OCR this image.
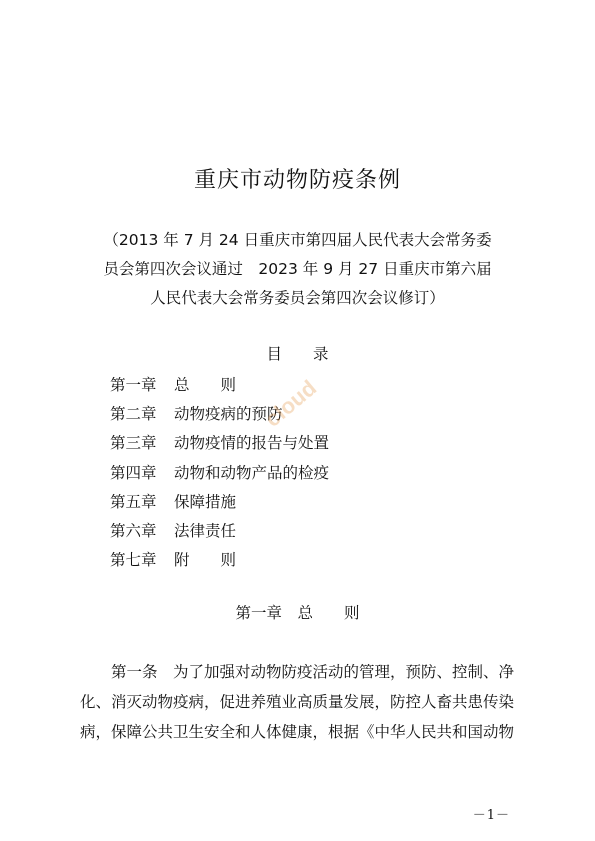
重庆市动物防疫条例
（2013 年 7 月 24 日重庆市第四届人民代表大会常务委
员会第四次会议通过　2023 年 9 月 27 日重庆市第六届
人民代表大会常务委员会第四次会议修订）
目　　录
第一章 总　　则
第二章 动物疫病的预防
第三章 动物疫情的报告与处置
第四章 动物和动物产品的检疫
第五章 保障措施
第六章 法律责任
第七章 附　　则
cloud
第一章　总　　则
第一条　为了加强对动物防疫活动的管理，预防、控制、净
化、消灭动物疫病，促进养殖业高质量发展，防控人畜共患传染
病，保障公共卫生安全和人体健康，根据《中华人民共和国动物
－1－
